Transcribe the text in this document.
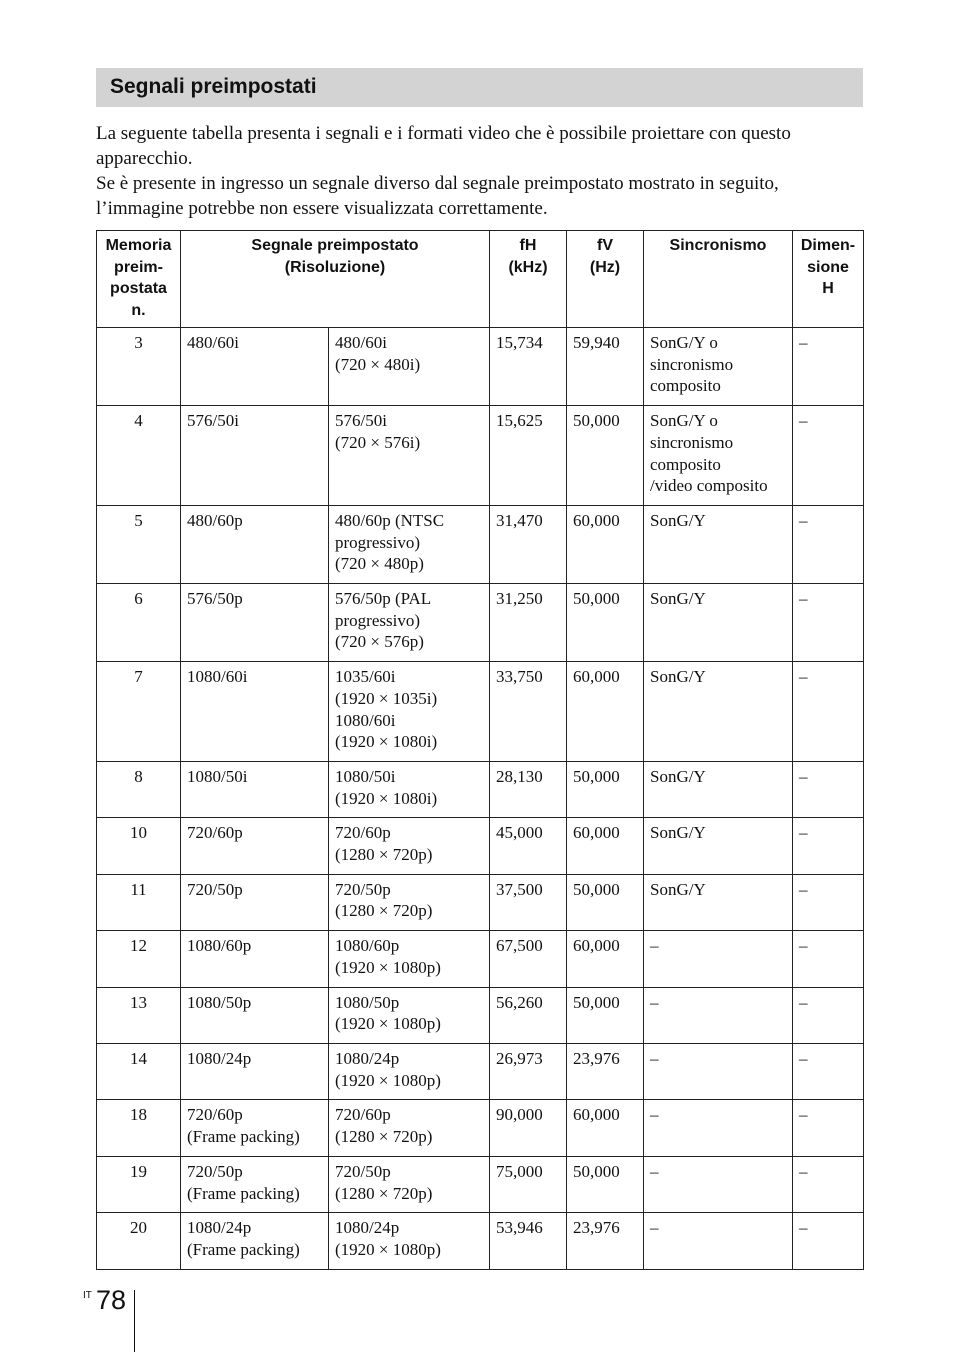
Segnali preimpostati

La seguente tabella presenta i segnali e i formati video che è possibile proiettare con questo apparecchio.

Se è presente in ingresso un segnale diverso dal segnale preimpostato mostrato in seguito, l’immagine potrebbe non essere visualizzata correttamente.

Memoria
preim-
postata
n.	Segnale preimpostato
(Risoluzione)		fH
(kHz)	fV
(Hz)	Sincronismo	Dimen-
sione
H
3	480/60i	480/60i
(720 × 480i)	15,734	59,940	SonG/Y o
sincronismo
composito	–
4	576/50i	576/50i
(720 × 576i)	15,625	50,000	SonG/Y o
sincronismo
composito
/video composito	–
5	480/60p	480/60p (NTSC
progressivo)
(720 × 480p)	31,470	60,000	SonG/Y	–
6	576/50p	576/50p (PAL
progressivo)
(720 × 576p)	31,250	50,000	SonG/Y	–
7	1080/60i	1035/60i
(1920 × 1035i)
1080/60i
(1920 × 1080i)	33,750	60,000	SonG/Y	–
8	1080/50i	1080/50i
(1920 × 1080i)	28,130	50,000	SonG/Y	–
10	720/60p	720/60p
(1280 × 720p)	45,000	60,000	SonG/Y	–
11	720/50p	720/50p
(1280 × 720p)	37,500	50,000	SonG/Y	–
12	1080/60p	1080/60p
(1920 × 1080p)	67,500	60,000	–	–
13	1080/50p	1080/50p
(1920 × 1080p)	56,260	50,000	–	–
14	1080/24p	1080/24p
(1920 × 1080p)	26,973	23,976	–	–
18	720/60p
(Frame packing)	720/60p
(1280 × 720p)	90,000	60,000	–	–
19	720/50p
(Frame packing)	720/50p
(1280 × 720p)	75,000	50,000	–	–
20	1080/24p
(Frame packing)	1080/24p
(1920 × 1080p)	53,946	23,976	–	–
IT 78
